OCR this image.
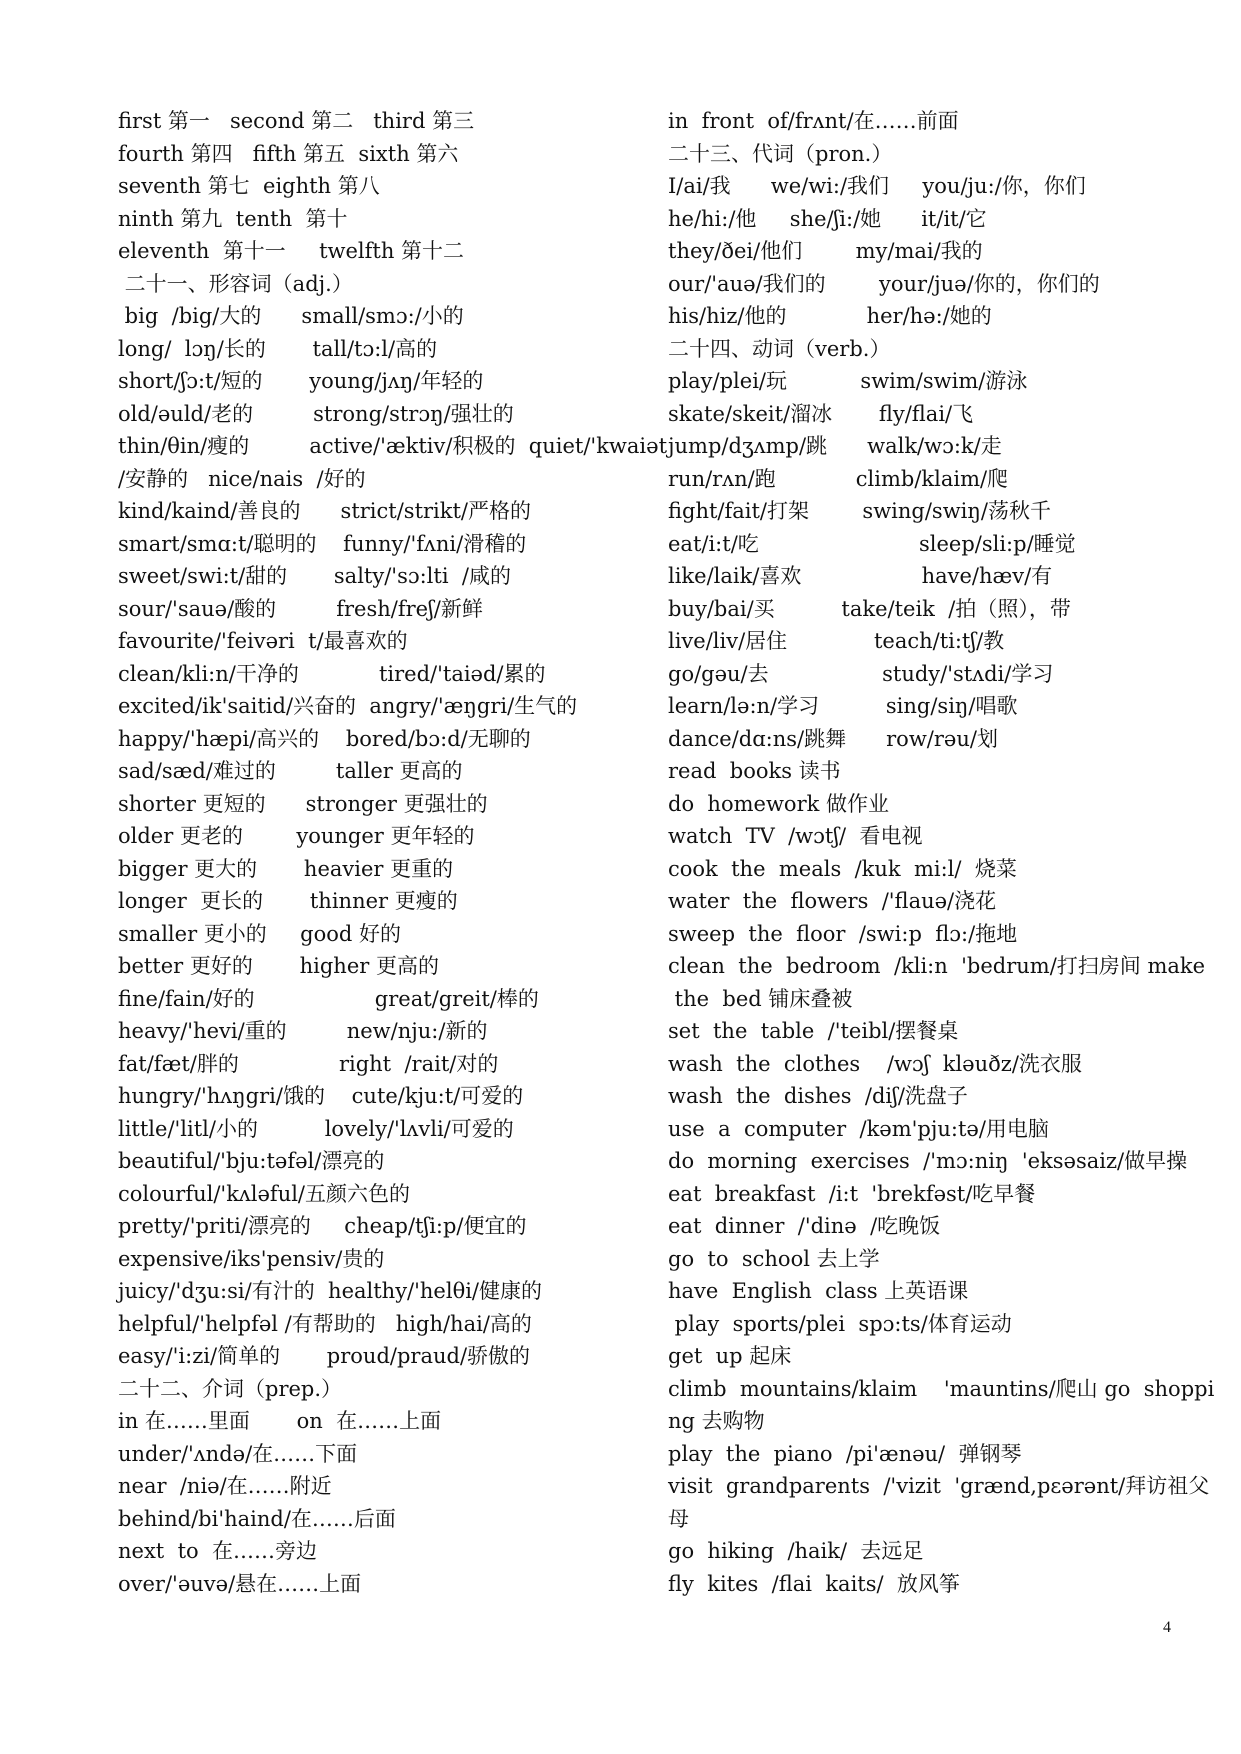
first 第一   second 第二   third 第三
fourth 第四   fifth 第五  sixth 第六
seventh 第七  eighth 第八
ninth 第九  tenth  第十
eleventh  第十一     twelfth 第十二
二十一、形容词（adj.）
big  /big/大的      small/smɔ:/小的
long/  lɔŋ/长的       tall/tɔ:l/高的
short/ʃɔ:t/短的       young/jʌŋ/年轻的
old/əuld/老的         strong/strɔŋ/强壮的
thin/θin/瘦的         active/'æktiv/积极的  quiet/'kwaiət
/安静的   nice/nais  /好的
kind/kaind/善良的      strict/strikt/严格的
smart/smɑ:t/聪明的    funny/'fʌni/滑稽的
sweet/swi:t/甜的       salty/'sɔ:lti  /咸的
sour/'sauə/酸的         fresh/freʃ/新鲜
favourite/'feivəri  t/最喜欢的
clean/kli:n/干净的            tired/'taiəd/累的
excited/ik'saitid/兴奋的  angry/'æŋgri/生气的
happy/'hæpi/高兴的    bored/bɔ:d/无聊的
sad/sæd/难过的         taller 更高的
shorter 更短的      stronger 更强壮的
older 更老的        younger 更年轻的
bigger 更大的       heavier 更重的
longer  更长的       thinner 更瘦的
smaller 更小的     good 好的
better 更好的       higher 更高的
fine/fain/好的                  great/greit/棒的
heavy/'hevi/重的         new/nju:/新的
fat/fæt/胖的               right  /rait/对的
hungry/'hʌŋgri/饿的    cute/kju:t/可爱的
little/'litl/小的          lovely/'lʌvli/可爱的
beautiful/'bju:təfəl/漂亮的
colourful/'kʌləful/五颜六色的
pretty/'priti/漂亮的     cheap/tʃi:p/便宜的
expensive/iks'pensiv/贵的
juicy/'dʒu:si/有汁的  healthy/'helθi/健康的
helpful/'helpfəl /有帮助的   high/hai/高的
easy/'i:zi/简单的       proud/praud/骄傲的
二十二、介词（prep.）
in 在……里面       on  在……上面
under/'ʌndə/在……下面
near  /niə/在……附近
behind/bi'haind/在……后面
next  to  在……旁边
over/'əuvə/悬在……上面
in  front  of/frʌnt/在……前面
二十三、代词（pron.）
I/ai/我      we/wi:/我们     you/ju:/你，你们
he/hi:/他     she/ʃi:/她      it/it/它
they/ðei/他们        my/mai/我的
our/'auə/我们的        your/juə/你的，你们的
his/hiz/他的            her/hə:/她的
二十四、动词（verb.）
play/plei/玩           swim/swim/游泳
skate/skeit/溜冰       fly/flai/飞
jump/dʒʌmp/跳      walk/wɔ:k/走
run/rʌn/跑            climb/klaim/爬
fight/fait/打架        swing/swiŋ/荡秋千
eat/i:t/吃                        sleep/sli:p/睡觉
like/laik/喜欢                  have/hæv/有
buy/bai/买          take/teik  /拍（照），带
live/liv/居住             teach/ti:tʃ/教
go/gəu/去                 study/'stʌdi/学习
learn/lə:n/学习          sing/siŋ/唱歌
dance/dɑ:ns/跳舞      row/rəu/划
read  books 读书
do  homework 做作业
watch  TV  /wɔtʃ/  看电视
cook  the  meals  /kuk  mi:l/  烧菜
water  the  flowers  /'flauə/浇花
sweep  the  floor  /swi:p  flɔ:/拖地
clean  the  bedroom  /kli:n  'bedrum/打扫房间 make
the  bed 铺床叠被
set  the  table  /'teibl/摆餐桌
wash  the  clothes    /wɔʃ  kləuðz/洗衣服
wash  the  dishes  /diʃ/洗盘子
use  a  computer  /kəm'pju:tə/用电脑
do  morning  exercises  /'mɔ:niŋ  'eksəsaiz/做早操
eat  breakfast  /i:t  'brekfəst/吃早餐
eat  dinner  /'dinə  /吃晚饭
go  to  school 去上学
have  English  class 上英语课
play  sports/plei  spɔ:ts/体育运动
get  up 起床
climb  mountains/klaim    'mauntins/爬山 go  shoppi
ng 去购物
play  the  piano  /pi'ænəu/  弹钢琴
visit  grandparents  /'vizit  'grænd,pɛərənt/拜访祖父
母
go  hiking  /haik/  去远足
fly  kites  /flai  kaits/  放风筝
4
